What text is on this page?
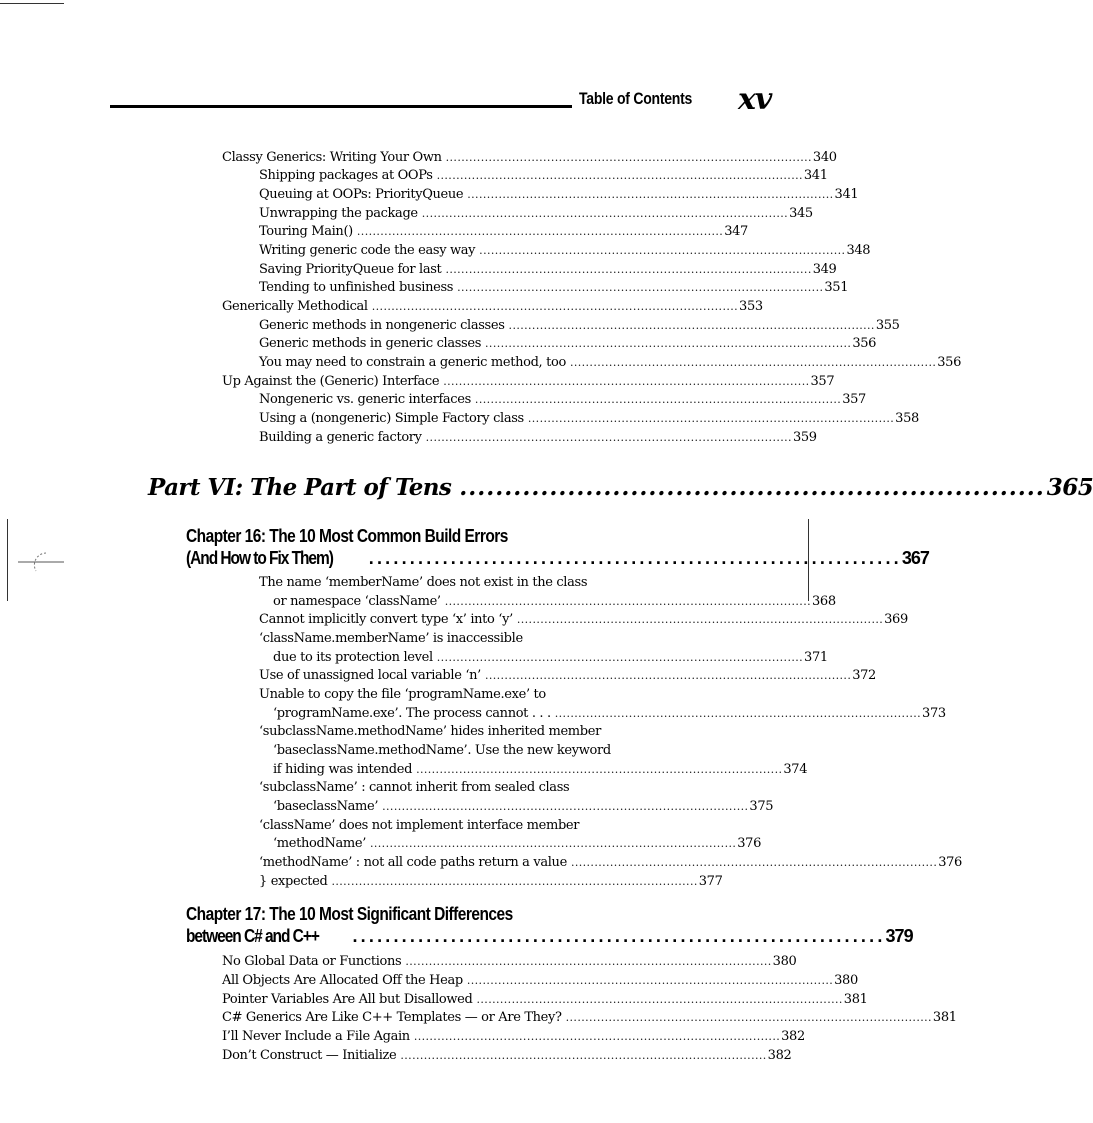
Table of Contents xv
Classy Generics: Writing Your Own .............................................................................................. 340
Shipping packages at OOPs .............................................................................................. 341
Queuing at OOPs: PriorityQueue .............................................................................................. 341
Unwrapping the package .............................................................................................. 345
Touring Main() .............................................................................................. 347
Writing generic code the easy way .............................................................................................. 348
Saving PriorityQueue for last .............................................................................................. 349
Tending to unfinished business .............................................................................................. 351
Generically Methodical .............................................................................................. 353
Generic methods in nongeneric classes .............................................................................................. 355
Generic methods in generic classes .............................................................................................. 356
You may need to constrain a generic method, too .............................................................................................. 356
Up Against the (Generic) Interface .............................................................................................. 357
Nongeneric vs. generic interfaces .............................................................................................. 357
Using a (nongeneric) Simple Factory class .............................................................................................. 358
Building a generic factory .............................................................................................. 359
Part VI: The Part of Tens ................................................................. 365
Chapter 16: The 10 Most Common Build Errors
(And How to Fix Them)	................................................................. 367
The name ‘memberName’ does not exist in the class
or namespace ‘className’ .............................................................................................. 368
Cannot implicitly convert type ‘x’ into ‘y’ .............................................................................................. 369
‘className.memberName’ is inaccessible
due to its protection level .............................................................................................. 371
Use of unassigned local variable ‘n’ .............................................................................................. 372
Unable to copy the file ‘programName.exe’ to
‘programName.exe’. The process cannot . . . .............................................................................................. 373
‘subclassName.methodName’ hides inherited member
‘baseclassName.methodName’. Use the new keyword
if hiding was intended .............................................................................................. 374
‘subclassName’ : cannot inherit from sealed class
‘baseclassName’ .............................................................................................. 375
‘className’ does not implement interface member
‘methodName’ .............................................................................................. 376
‘methodName’ : not all code paths return a value .............................................................................................. 376
} expected .............................................................................................. 377
Chapter 17: The 10 Most Significant Differences
between C# and C++	................................................................. 379
No Global Data or Functions .............................................................................................. 380
All Objects Are Allocated Off the Heap .............................................................................................. 380
Pointer Variables Are All but Disallowed .............................................................................................. 381
C# Generics Are Like C++ Templates — or Are They? .............................................................................................. 381
I’ll Never Include a File Again .............................................................................................. 382
Don’t Construct — Initialize .............................................................................................. 382
